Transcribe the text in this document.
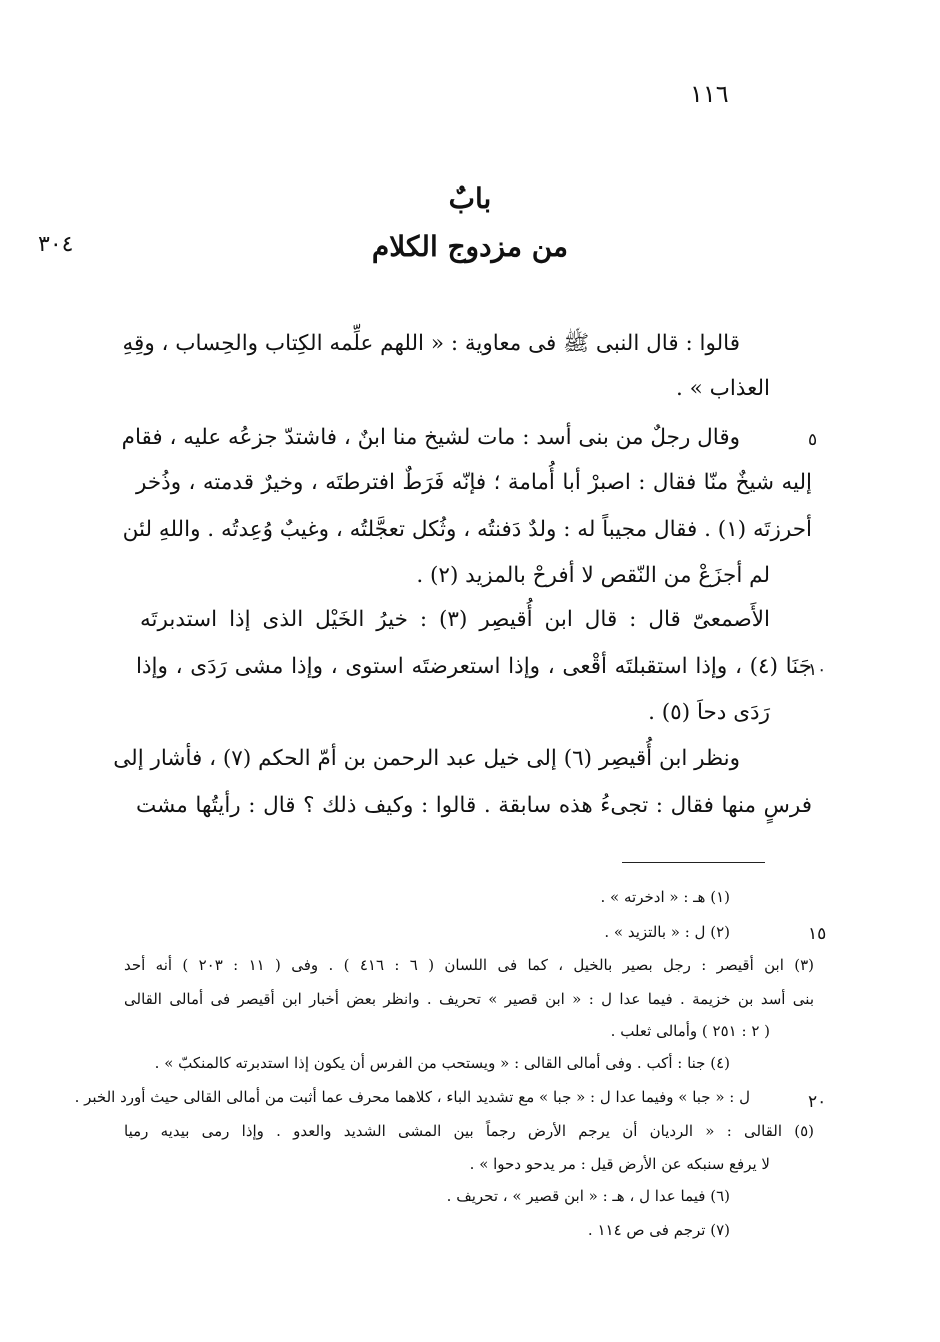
١١٦
٣٠٤
بابٌ
من مزدوج الكلام
قالوا : قال النبى ﷺ فى معاوية : « اللهم علِّمه الكِتاب والحِساب ، وقِهِ
العذاب » .
وقال رجلٌ من بنى أسد : مات لشيخ منا ابنٌ ، فاشتدّ جزعُه عليه ، فقام
إليه شيخٌ منّا فقال : اصبرْ أبا أُمامة ؛ فإنّه فَرَطٌ افترطتَه ، وخيرٌ قدمته ، وذُخر
أحرزتَه (١) . فقال مجيباً له : ولدٌ دَفنتُه ، وثُكل تعجَّلتُه ، وغيبٌ وُعِدتُه . واللهِ لئن
لم أجزَعْ من النّقص لا أفرحْ بالمزيد (٢) .
الأَصمعىّ قال : قال ابن أُقيصِر (٣) : خيرُ الخَيْل الذى إذا استدبرتَه
جَنَا (٤) ، وإذا استقبلتَه أقْعى ، وإذا استعرضتَه استوى ، وإذا مشى رَدَى ، وإذا
رَدَى دحاَ (٥) .
ونظر ابن أُقيصِر (٦) إلى خيل عبد الرحمن بن أمّ الحكم (٧) ، فأشار إلى
فرسٍ منها فقال : تجىءُ هذه سابقة . قالوا : وكيف ذلك ؟ قال : رأيتُها مشت
٥
١٠
١٥
٢٠
(١) هـ : « ادخرته » .
(٢) ل : « بالتزيد » .
(٣) ابن أقيصر : رجل بصير بالخيل ، كما فى اللسان ( ٦ : ٤١٦ ) . وفى ( ١١ : ٢٠٣ ) أنه أحد
بنى أسد بن خزيمة . فيما عدا ل : « ابن قصير » تحريف . وانظر بعض أخبار ابن أقيصر فى أمالى القالى
( ٢ : ٢٥١ ) وأمالى ثعلب .
(٤) جنا : أكب . وفى أمالى القالى : « ويستحب من الفرس أن يكون إذا استدبرته كالمنكبّ » .
ل : « جبا » وفيما عدا ل : « جبا » مع تشديد الباء ، كلاهما محرف عما أثبت من أمالى القالى حيث أورد الخبر .
(٥) القالى : « الرديان أن يرجم الأرض رجماً بين المشى الشديد والعدو . وإذا رمى بيديه رميا
لا يرفع سنبكه عن الأرض قيل : مر يدحو دحوا » .
(٦) فيما عدا ل ، هـ : « ابن قصير » ، تحريف .
(٧) ترجم فى ص ١١٤ .
